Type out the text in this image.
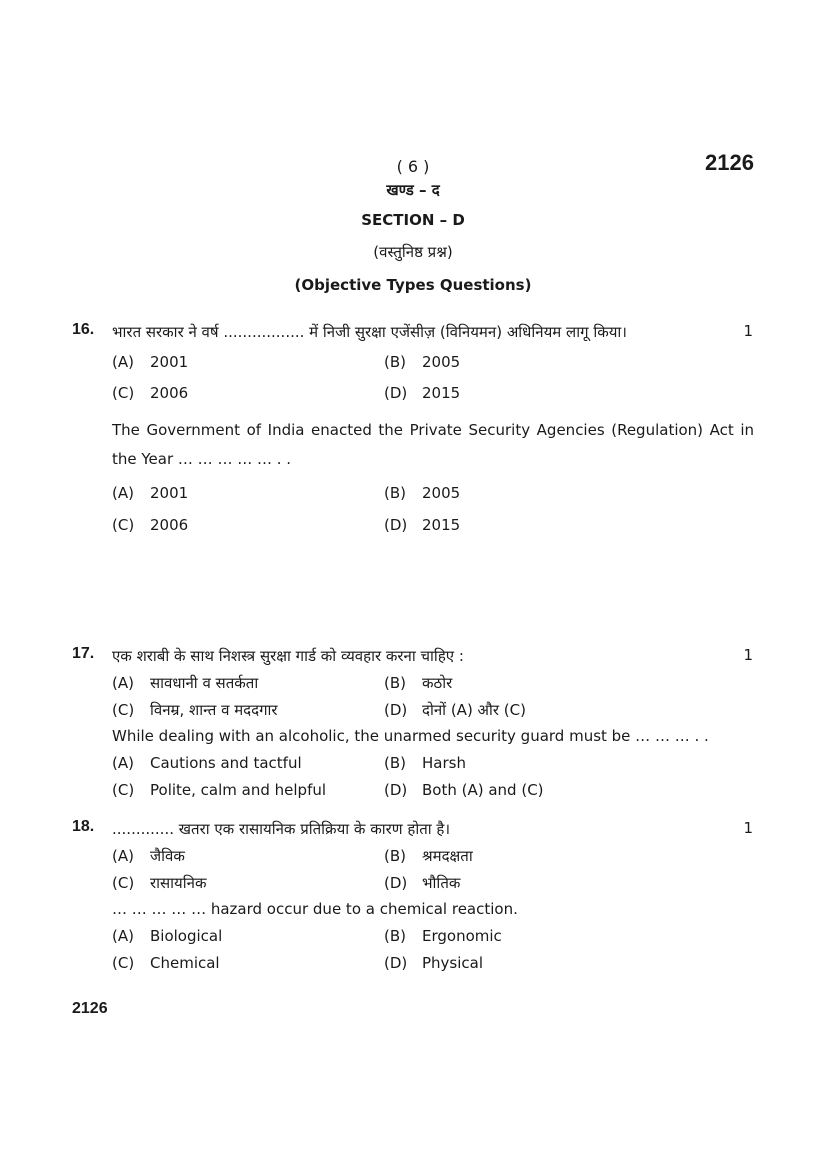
( 6 )	2126
खण्ड – द
SECTION – D
(वस्तुनिष्ठ प्रश्न)
(Objective Types Questions)
16. भारत सरकार ने वर्ष ................. में निजी सुरक्षा एजेंसीज़ (विनियमन) अधिनियम लागू किया।	1
(A) 2001	(B) 2005
(C) 2006	(D) 2015
The Government of India enacted the Private Security Agencies (Regulation) Act in the Year … … … … … . .
(A) 2001	(B) 2005
(C) 2006	(D) 2015
17. एक शराबी के साथ निशस्त्र सुरक्षा गार्ड को व्यवहार करना चाहिए :	1
(A) सावधानी व सतर्कता	(B) कठोर
(C) विनम्र, शान्त व मददगार	(D) दोनों (A) और (C)
While dealing with an alcoholic, the unarmed security guard must be … … … . .
(A) Cautions and tactful	(B) Harsh
(C) Polite, calm and helpful	(D) Both (A) and (C)
18. ............. खतरा एक रासायनिक प्रतिक्रिया के कारण होता है।	1
(A) जैविक	(B) श्रमदक्षता
(C) रासायनिक	(D) भौतिक
… … … … … hazard occur due to a chemical reaction.
(A) Biological	(B) Ergonomic
(C) Chemical	(D) Physical
2126
